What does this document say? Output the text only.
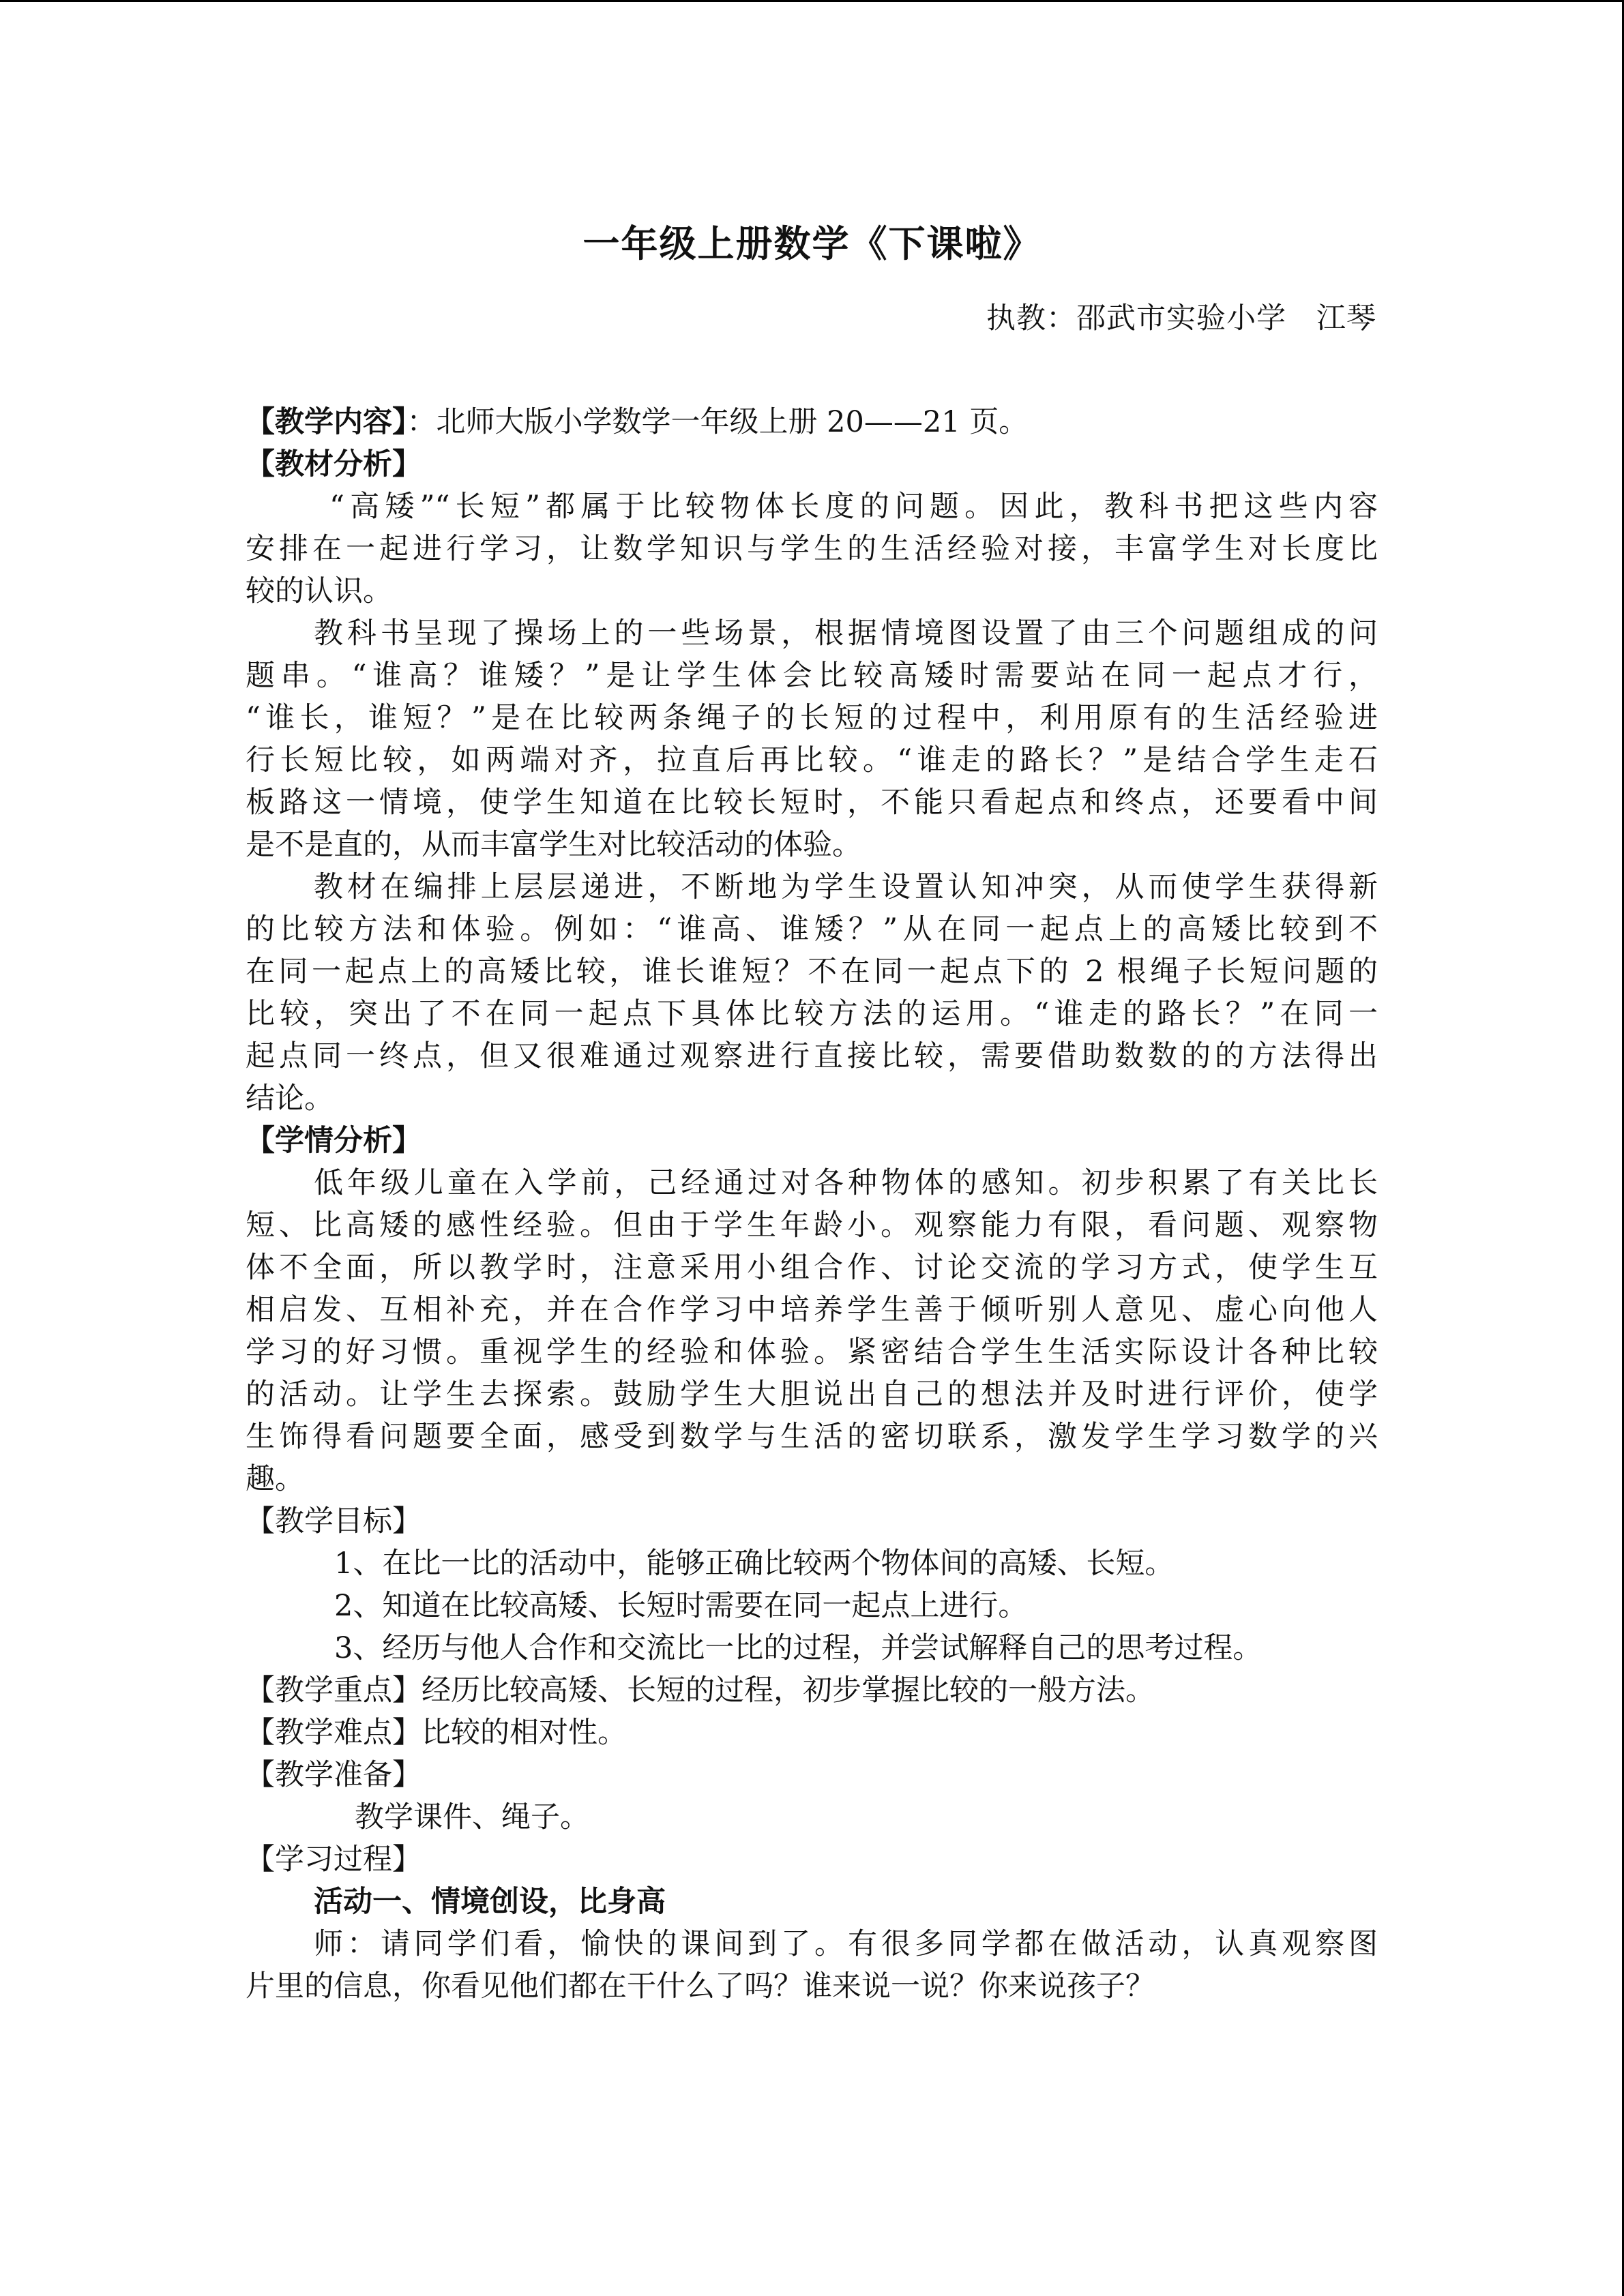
一年级上册数学《下课啦》
执教：邵武市实验小学　江琴
【教学内容】：北师大版小学数学一年级上册 20——21 页。
【教材分析】
“高矮”“长短”都属于比较物体长度的问题。因此，教科书把这些内容
安排在一起进行学习，让数学知识与学生的生活经验对接，丰富学生对长度比
较的认识。
教科书呈现了操场上的一些场景，根据情境图设置了由三个问题组成的问
题串。“谁高？谁矮？”是让学生体会比较高矮时需要站在同一起点才行，
“谁长，谁短？”是在比较两条绳子的长短的过程中，利用原有的生活经验进
行长短比较，如两端对齐，拉直后再比较。“谁走的路长？”是结合学生走石
板路这一情境，使学生知道在比较长短时，不能只看起点和终点，还要看中间
是不是直的，从而丰富学生对比较活动的体验。
教材在编排上层层递进，不断地为学生设置认知冲突，从而使学生获得新
的比较方法和体验。例如：“谁高、谁矮？”从在同一起点上的高矮比较到不
在同一起点上的高矮比较，谁长谁短？不在同一起点下的 2 根绳子长短问题的
比较，突出了不在同一起点下具体比较方法的运用。“谁走的路长？”在同一
起点同一终点，但又很难通过观察进行直接比较，需要借助数数的的方法得出
结论。
【学情分析】
低年级儿童在入学前，己经通过对各种物体的感知。初步积累了有关比长
短、比高矮的感性经验。但由于学生年龄小。观察能力有限，看问题、观察物
体不全面，所以教学时，注意采用小组合作、讨论交流的学习方式，使学生互
相启发、互相补充，并在合作学习中培养学生善于倾听别人意见、虚心向他人
学习的好习惯。重视学生的经验和体验。紧密结合学生生活实际设计各种比较
的活动。让学生去探索。鼓励学生大胆说出自己的想法并及时进行评价，使学
生饰得看问题要全面，感受到数学与生活的密切联系，激发学生学习数学的兴
趣。
【教学目标】
1、在比一比的活动中，能够正确比较两个物体间的高矮、长短。
2、知道在比较高矮、长短时需要在同一起点上进行。
3、经历与他人合作和交流比一比的过程，并尝试解释自己的思考过程。
【教学重点】经历比较高矮、长短的过程，初步掌握比较的一般方法。
【教学难点】比较的相对性。
【教学准备】
教学课件、绳子。
【学习过程】
活动一、情境创设，比身高
师：请同学们看，愉快的课间到了。有很多同学都在做活动，认真观察图
片里的信息，你看见他们都在干什么了吗？谁来说一说？你来说孩子？
